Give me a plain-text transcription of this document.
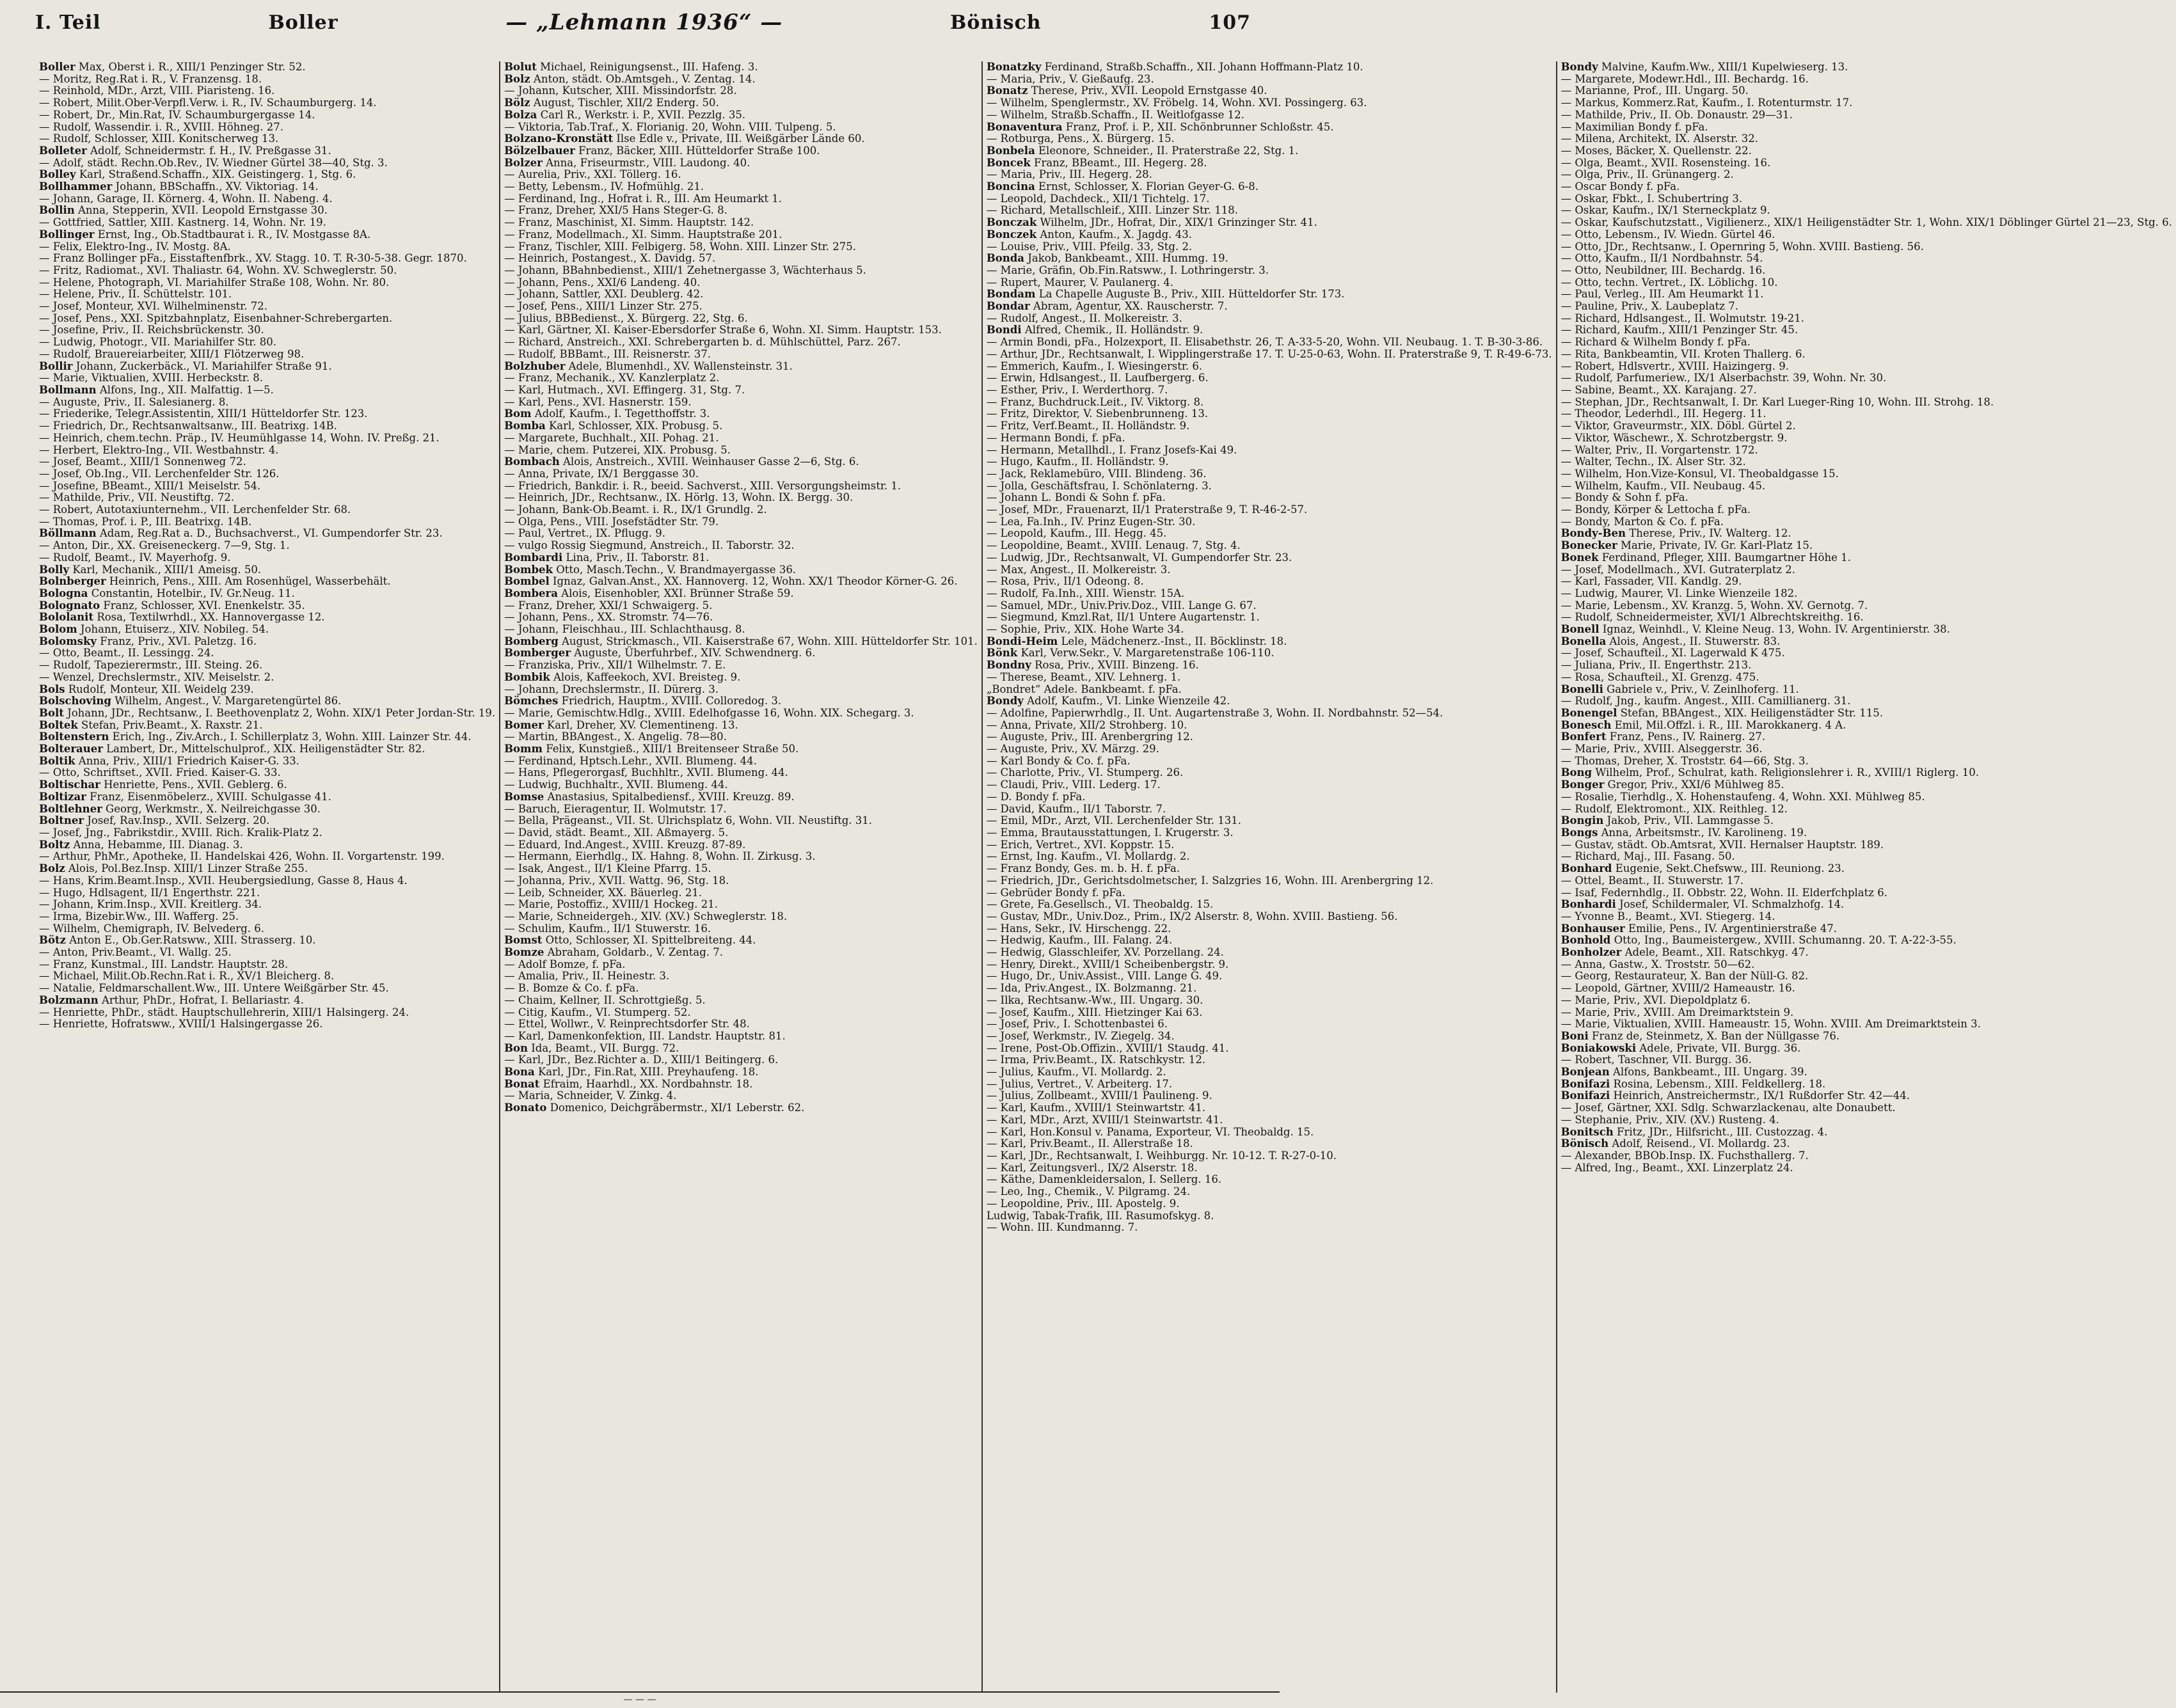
I. Teil	Boller	— „Lehmann 1936“ —	Bönisch	107

Boller Max, Oberst i. R., XIII/1 Penzinger Str. 52.

— Moritz, Reg.Rat i. R., V. Franzensg. 18.

— Reinhold, MDr., Arzt, VIII. Piaristeng. 16.

— Robert, Milit.Ober-Verpfl.Verw. i. R., IV. Schaumburgerg. 14.

— Robert, Dr., Min.Rat, IV. Schaumburgergasse 14.

— Rudolf, Wassendir. i. R., XVIII. Höhneg. 27.

— Rudolf, Schlosser, XIII. Konitscherweg 13.

Bolleter Adolf, Schneidermstr. f. H., IV. Preßgasse 31.

— Adolf, städt. Rechn.Ob.Rev., IV. Wiedner Gürtel 38—40, Stg. 3.

Bolley Karl, Straßend.Schaffn., XIX. Geistingerg. 1, Stg. 6.

Bollhammer Johann, BBSchaffn., XV. Viktoriag. 14.

— Johann, Garage, II. Körnerg. 4, Wohn. II. Nabeng. 4.

Bollin Anna, Stepperin, XVII. Leopold Ernstgasse 30.

— Gottfried, Sattler, XIII. Kastnerg. 14, Wohn. Nr. 19.

Bollinger Ernst, Ing., Ob.Stadtbaurat i. R., IV. Mostgasse 8A.

— Felix, Elektro-Ing., IV. Mostg. 8A.

— Franz Bollinger pFa., Eisstaftenfbrk., XV. Stagg. 10. T. R-30-5-38. Gegr. 1870.

— Fritz, Radiomat., XVI. Thaliastr. 64, Wohn. XV. Schweglerstr. 50.

— Helene, Photograph, VI. Mariahilfer Straße 108, Wohn. Nr. 80.

— Helene, Priv., II. Schüttelstr. 101.

— Josef, Monteur, XVI. Wilhelminenstr. 72.

— Josef, Pens., XXI. Spitzbahnplatz, Eisenbahner-Schrebergarten.

— Josefine, Priv., II. Reichsbrückenstr. 30.

— Ludwig, Photogr., VII. Mariahilfer Str. 80.

— Rudolf, Brauereiarbeiter, XIII/1 Flötzerweg 98.

Bollir Johann, Zuckerbäck., VI. Mariahilfer Straße 91.

— Marie, Viktualien, XVIII. Herbeckstr. 8.

Bollmann Alfons, Ing., XII. Malfattig. 1—5.

— Auguste, Priv., II. Salesianerg. 8.

— Friederike, Telegr.Assistentin, XIII/1 Hütteldorfer Str. 123.

— Friedrich, Dr., Rechtsanwaltsanw., III. Beatrixg. 14B.

— Heinrich, chem.techn. Präp., IV. Heumühlgasse 14, Wohn. IV. Preßg. 21.

— Herbert, Elektro-Ing., VII. Westbahnstr. 4.

— Josef, Beamt., XIII/1 Sonnenweg 72.

— Josef, Ob.Ing., VII. Lerchenfelder Str. 126.

— Josefine, BBeamt., XIII/1 Meiselstr. 54.

— Mathilde, Priv., VII. Neustiftg. 72.

— Robert, Autotaxiunternehm., VII. Lerchenfelder Str. 68.

— Thomas, Prof. i. P., III. Beatrixg. 14B.

Böllmann Adam, Reg.Rat a. D., Buchsachverst., VI. Gumpendorfer Str. 23.

— Anton, Dir., XX. Greiseneckerg. 7—9, Stg. 1.

— Rudolf, Beamt., IV. Mayerhofg. 9.

Bolly Karl, Mechanik., XIII/1 Ameisg. 50.

Bolnberger Heinrich, Pens., XIII. Am Rosenhügel, Wasserbehält.

Bologna Constantin, Hotelbir., IV. Gr.Neug. 11.

Bolognato Franz, Schlosser, XVI. Enenkelstr. 35.

Bololanit Rosa, Textilwrhdl., XX. Hannovergasse 12.

Bolom Johann, Etuiserz., XIV. Nobileg. 54.

Bolomsky Franz, Priv., XVI. Paletzg. 16.

— Otto, Beamt., II. Lessingg. 24.

— Rudolf, Tapezierermstr., III. Steing. 26.

— Wenzel, Drechslermstr., XIV. Meiselstr. 2.

Bols Rudolf, Monteur, XII. Weidelg 239.

Bolschoving Wilhelm, Angest., V. Margaretengürtel 86.

Bolt Johann, JDr., Rechtsanw., I. Beethovenplatz 2, Wohn. XIX/1 Peter Jordan-Str. 19.

Boltek Stefan, Priv.Beamt., X. Raxstr. 21.

Boltenstern Erich, Ing., Ziv.Arch., I. Schillerplatz 3, Wohn. XIII. Lainzer Str. 44.

Bolterauer Lambert, Dr., Mittelschulprof., XIX. Heiligenstädter Str. 82.

Boltik Anna, Priv., XIII/1 Friedrich Kaiser-G. 33.

— Otto, Schriftset., XVII. Fried. Kaiser-G. 33.

Boltischar Henriette, Pens., XVII. Geblerg. 6.

Boltizar Franz, Eisenmöbelerz., XVIII. Schulgasse 41.

Boltlehner Georg, Werkmstr., X. Neilreichgasse 30.

Boltner Josef, Rav.Insp., XVII. Selzerg. 20.

— Josef, Jng., Fabrikstdir., XVIII. Rich. Kralik-Platz 2.

Boltz Anna, Hebamme, III. Dianag. 3.

— Arthur, PhMr., Apotheke, II. Handelskai 426, Wohn. II. Vorgartenstr. 199.

Bolz Alois, Pol.Bez.Insp. XIII/1 Linzer Straße 255.

— Hans, Krim.Beamt.Insp., XVII. Heubergsiedlung, Gasse 8, Haus 4.

— Hugo, Hdlsagent, II/1 Engerthstr. 221.

— Johann, Krim.Insp., XVII. Kreitlerg. 34.

— Irma, Bizebir.Ww., III. Wafferg. 25.

— Wilhelm, Chemigraph, IV. Belvederg. 6.

Bötz Anton E., Ob.Ger.Ratsww., XIII. Strasserg. 10.

— Anton, Priv.Beamt., VI. Wallg. 25.

— Franz, Kunstmal., III. Landstr. Hauptstr. 28.

— Michael, Milit.Ob.Rechn.Rat i. R., XV/1 Bleicherg. 8.

— Natalie, Feldmarschallent.Ww., III. Untere Weißgärber Str. 45.

Bolzmann Arthur, PhDr., Hofrat, I. Bellariastr. 4.

— Henriette, PhDr., städt. Hauptschullehrerin, XIII/1 Halsingerg. 24.

— Henriette, Hofratsww., XVIII/1 Halsingergasse 26.

Bolut Michael, Reinigungsenst., III. Hafeng. 3.

Bolz Anton, städt. Ob.Amtsgeh., V. Zentag. 14.

— Johann, Kutscher, XIII. Missindorfstr. 28.

Bölz August, Tischler, XII/2 Enderg. 50.

Bolza Carl R., Werkstr. i. P., XVII. Pezzlg. 35.

— Viktoria, Tab.Traf., X. Florianig. 20, Wohn. VIII. Tulpeng. 5.

Bolzano-Kronstätt Ilse Edle v., Private, III. Weißgärber Lände 60.

Bölzelbauer Franz, Bäcker, XIII. Hütteldorfer Straße 100.

Bolzer Anna, Friseurmstr., VIII. Laudong. 40.

— Aurelia, Priv., XXI. Töllerg. 16.

— Betty, Lebensm., IV. Hofmühlg. 21.

— Ferdinand, Ing., Hofrat i. R., III. Am Heumarkt 1.

— Franz, Dreher, XXI/5 Hans Steger-G. 8.

— Franz, Maschinist, XI. Simm. Hauptstr. 142.

— Franz, Modellmach., XI. Simm. Hauptstraße 201.

— Franz, Tischler, XIII. Felbigerg. 58, Wohn. XIII. Linzer Str. 275.

— Heinrich, Postangest., X. Davidg. 57.

— Johann, BBahnbedienst., XIII/1 Zehetnergasse 3, Wächterhaus 5.

— Johann, Pens., XXI/6 Landeng. 40.

— Johann, Sattler, XXI. Deublerg. 42.

— Josef, Pens., XIII/1 Linzer Str. 275.

— Julius, BBBedienst., X. Bürgerg. 22, Stg. 6.

— Karl, Gärtner, XI. Kaiser-Ebersdorfer Straße 6, Wohn. XI. Simm. Hauptstr. 153.

— Richard, Anstreich., XXI. Schrebergarten b. d. Mühlschüttel, Parz. 267.

— Rudolf, BBBamt., III. Reisnerstr. 37.

Bolzhuber Adele, Blumenhdl., XV. Wallensteinstr. 31.

— Franz, Mechanik., XV. Kanzlerplatz 2.

— Karl, Hutmach., XVI. Effingerg. 31, Stg. 7.

— Karl, Pens., XVI. Hasnerstr. 159.

Bom Adolf, Kaufm., I. Tegetthoffstr. 3.

Bomba Karl, Schlosser, XIX. Probusg. 5.

— Margarete, Buchhalt., XII. Pohag. 21.

— Marie, chem. Putzerei, XIX. Probusg. 5.

Bombach Alois, Anstreich., XVIII. Weinhauser Gasse 2—6, Stg. 6.

— Anna, Private, IX/1 Berggasse 30.

— Friedrich, Bankdir. i. R., beeid. Sachverst., XIII. Versorgungsheimstr. 1.

— Heinrich, JDr., Rechtsanw., IX. Hörlg. 13, Wohn. IX. Bergg. 30.

— Johann, Bank-Ob.Beamt. i. R., IX/1 Grundlg. 2.

— Olga, Pens., VIII. Josefstädter Str. 79.

— Paul, Vertret., IX. Pflugg. 9.

— vulgo Rossig Siegmund, Anstreich., II. Taborstr. 32.

Bombardi Lina, Priv., II. Taborstr. 81.

Bombek Otto, Masch.Techn., V. Brandmayergasse 36.

Bombel Ignaz, Galvan.Anst., XX. Hannoverg. 12, Wohn. XX/1 Theodor Körner-G. 26.

Bombera Alois, Eisenhobler, XXI. Brünner Straße 59.

— Franz, Dreher, XXI/1 Schwaigerg. 5.

— Johann, Pens., XX. Stromstr. 74—76.

— Johann, Fleischhau., III. Schlachthausg. 8.

Bomberg August, Strickmasch., VII. Kaiserstraße 67, Wohn. XIII. Hütteldorfer Str. 101.

Bomberger Auguste, Überfuhrbef., XIV. Schwendnerg. 6.

— Franziska, Priv., XII/1 Wilhelmstr. 7. E.

Bombik Alois, Kaffeekoch, XVI. Breisteg. 9.

— Johann, Drechslermstr., II. Dürerg. 3.

Bömches Friedrich, Hauptm., XVIII. Colloredog. 3.

— Marie, Gemischtw.Hdlg., XVIII. Edelhofgasse 16, Wohn. XIX. Schegarg. 3.

Bomer Karl, Dreher, XV. Clementineng. 13.

— Martin, BBAngest., X. Angelig. 78—80.

Bomm Felix, Kunstgieß., XIII/1 Breitenseer Straße 50.

— Ferdinand, Hptsch.Lehr., XVII. Blumeng. 44.

— Hans, Pflegerorgasf, Buchhltr., XVII. Blumeng. 44.

— Ludwig, Buchhaltr., XVII. Blumeng. 44.

Bomse Anastasius, Spitalbediensf., XVIII. Kreuzg. 89.

— Baruch, Eieragentur, II. Wolmutstr. 17.

— Bella, Prägeanst., VII. St. Ulrichsplatz 6, Wohn. VII. Neustiftg. 31.

— David, städt. Beamt., XII. Aßmayerg. 5.

— Eduard, Ind.Angest., XVIII. Kreuzg. 87-89.

— Hermann, Eierhdlg., IX. Hahng. 8, Wohn. II. Zirkusg. 3.

— Isak, Angest., II/1 Kleine Pfarrg. 15.

— Johanna, Priv., XVII. Wattg. 96, Stg. 18.

— Leib, Schneider, XX. Bäuerleg. 21.

— Marie, Postoffiz., XVIII/1 Hockeg. 21.

— Marie, Schneidergeh., XIV. (XV.) Schweglerstr. 18.

— Schulim, Kaufm., II/1 Stuwerstr. 16.

Bomst Otto, Schlosser, XI. Spittelbreiteng. 44.

Bomze Abraham, Goldarb., V. Zentag. 7.

— Adolf Bomze, f. pFa.

— Amalia, Priv., II. Heinestr. 3.

— B. Bomze & Co. f. pFa.

— Chaim, Kellner, II. Schrottgießg. 5.

— Citig, Kaufm., VI. Stumperg. 52.

— Ettel, Wollwr., V. Reinprechtsdorfer Str. 48.

— Karl, Damenkonfektion, III. Landstr. Hauptstr. 81.

Bon Ida, Beamt., VII. Burgg. 72.

— Karl, JDr., Bez.Richter a. D., XIII/1 Beitingerg. 6.

Bona Karl, JDr., Fin.Rat, XIII. Preyhaufeng. 18.

Bonat Efraim, Haarhdl., XX. Nordbahnstr. 18.

— Maria, Schneider, V. Zinkg. 4.

Bonato Domenico, Deichgräbermstr., XI/1 Leberstr. 62.

Bonatzky Ferdinand, Straßb.Schaffn., XII. Johann Hoffmann-Platz 10.

— Maria, Priv., V. Gießaufg. 23.

Bonatz Therese, Priv., XVII. Leopold Ernstgasse 40.

— Wilhelm, Spenglermstr., XV. Fröbelg. 14, Wohn. XVI. Possingerg. 63.

— Wilhelm, Straßb.Schaffn., II. Weitlofgasse 12.

Bonaventura Franz, Prof. i. P., XII. Schönbrunner Schloßstr. 45.

— Rotburga, Pens., X. Bürgerg. 15.

Bonbela Eleonore, Schneider., II. Praterstraße 22, Stg. 1.

Boncek Franz, BBeamt., III. Hegerg. 28.

— Maria, Priv., III. Hegerg. 28.

Boncina Ernst, Schlosser, X. Florian Geyer-G. 6-8.

— Leopold, Dachdeck., XII/1 Tichtelg. 17.

— Richard, Metallschleif., XIII. Linzer Str. 118.

Bonczak Wilhelm, JDr., Hofrat, Dir., XIX/1 Grinzinger Str. 41.

Bonczek Anton, Kaufm., X. Jagdg. 43.

— Louise, Priv., VIII. Pfeilg. 33, Stg. 2.

Bonda Jakob, Bankbeamt., XIII. Hummg. 19.

— Marie, Gräfin, Ob.Fin.Ratsww., I. Lothringerstr. 3.

— Rupert, Maurer, V. Paulanerg. 4.

Bondam La Chapelle Auguste B., Priv., XIII. Hütteldorfer Str. 173.

Bondar Abram, Agentur, XX. Rauscherstr. 7.

— Rudolf, Angest., II. Molkereistr. 3.

Bondi Alfred, Chemik., II. Holländstr. 9.

— Armin Bondi, pFa., Holzexport, II. Elisabethstr. 26, T. A-33-5-20, Wohn. VII. Neubaug. 1. T. B-30-3-86.

— Arthur, JDr., Rechtsanwalt, I. Wipplingerstraße 17. T. U-25-0-63, Wohn. II. Praterstraße 9, T. R-49-6-73.

— Emmerich, Kaufm., I. Wiesingerstr. 6.

— Erwin, Hdlsangest., II. Laufbergerg. 6.

— Esther, Priv., I. Werderthorg. 7.

— Franz, Buchdruck.Leit., IV. Viktorg. 8.

— Fritz, Direktor, V. Siebenbrunneng. 13.

— Fritz, Verf.Beamt., II. Holländstr. 9.

— Hermann Bondi, f. pFa.

— Hermann, Metallhdl., I. Franz Josefs-Kai 49.

— Hugo, Kaufm., II. Holländstr. 9.

— Jack, Reklamebüro, VIII. Blindeng. 36.

— Jolla, Geschäftsfrau, I. Schönlaterng. 3.

— Johann L. Bondi & Sohn f. pFa.

— Josef, MDr., Frauenarzt, II/1 Praterstraße 9, T. R-46-2-57.

— Lea, Fa.Inh., IV. Prinz Eugen-Str. 30.

— Leopold, Kaufm., III. Hegg. 45.

— Leopoldine, Beamt., XVIII. Lenaug. 7, Stg. 4.

— Ludwig, JDr., Rechtsanwalt, VI. Gumpendorfer Str. 23.

— Max, Angest., II. Molkereistr. 3.

— Rosa, Priv., II/1 Odeong. 8.

— Rudolf, Fa.Inh., XIII. Wienstr. 15A.

— Samuel, MDr., Univ.Priv.Doz., VIII. Lange G. 67.

— Siegmund, Kmzl.Rat, II/1 Untere Augartenstr. 1.

— Sophie, Priv., XIX. Hohe Warte 34.

Bondi-Heim Lele, Mädchenerz.-Inst., II. Böcklinstr. 18.

Bönk Karl, Verw.Sekr., V. Margaretenstraße 106-110.

Bondny Rosa, Priv., XVIII. Binzeng. 16.

— Therese, Beamt., XIV. Lehnerg. 1.

„Bondret“ Adele. Bankbeamt. f. pFa.

Bondy Adolf, Kaufm., VI. Linke Wienzeile 42.

— Adolfine, Papierwrhdlg., II. Unt. Augartenstraße 3, Wohn. II. Nordbahnstr. 52—54.

— Anna, Private, XII/2 Strohberg. 10.

— Auguste, Priv., III. Arenbergring 12.

— Auguste, Priv., XV. Märzg. 29.

— Karl Bondy & Co. f. pFa.

— Charlotte, Priv., VI. Stumperg. 26.

— Claudi, Priv., VIII. Lederg. 17.

— D. Bondy f. pFa.

— David, Kaufm., II/1 Taborstr. 7.

— Emil, MDr., Arzt, VII. Lerchenfelder Str. 131.

— Emma, Brautausstattungen, I. Krugerstr. 3.

— Erich, Vertret., XVI. Koppstr. 15.

— Ernst, Ing. Kaufm., VI. Mollardg. 2.

— Franz Bondy, Ges. m. b. H. f. pFa.

— Friedrich, JDr., Gerichtsdolmetscher, I. Salzgries 16, Wohn. III. Arenbergring 12.

— Gebrüder Bondy f. pFa.

— Grete, Fa.Gesellsch., VI. Theobaldg. 15.

— Gustav, MDr., Univ.Doz., Prim., IX/2 Alserstr. 8, Wohn. XVIII. Bastieng. 56.

— Hans, Sekr., IV. Hirschengg. 22.

— Hedwig, Kaufm., III. Falang. 24.

— Hedwig, Glasschleifer, XV. Porzellang. 24.

— Henry, Direkt., XVIII/1 Scheibenbergstr. 9.

— Hugo, Dr., Univ.Assist., VIII. Lange G. 49.

— Ida, Priv.Angest., IX. Bolzmanng. 21.

— Ilka, Rechtsanw.-Ww., III. Ungarg. 30.

— Josef, Kaufm., XIII. Hietzinger Kai 63.

— Josef, Priv., I. Schottenbastei 6.

— Josef, Werkmstr., IV. Ziegelg. 34.

— Irene, Post-Ob.Offizin., XVIII/1 Staudg. 41.

— Irma, Priv.Beamt., IX. Ratschkystr. 12.

— Julius, Kaufm., VI. Mollardg. 2.

— Julius, Vertret., V. Arbeiterg. 17.

— Julius, Zollbeamt., XVIII/1 Paulineng. 9.

— Karl, Kaufm., XVIII/1 Steinwartstr. 41.

— Karl, MDr., Arzt, XVIII/1 Steinwartstr. 41.

— Karl, Hon.Konsul v. Panama, Exporteur, VI. Theobaldg. 15.

— Karl, Priv.Beamt., II. Allerstraße 18.

— Karl, JDr., Rechtsanwalt, I. Weihburgg. Nr. 10-12. T. R-27-0-10.

— Karl, Zeitungsverl., IX/2 Alserstr. 18.

— Käthe, Damenkleidersalon, I. Sellerg. 16.

— Leo, Ing., Chemik., V. Pilgramg. 24.

— Leopoldine, Priv., III. Apostelg. 9.

Ludwig, Tabak-Trafik, III. Rasumofskyg. 8.

— Wohn. III. Kundmanng. 7.

Bondy Malvine, Kaufm.Ww., XIII/1 Kupelwieserg. 13.

— Margarete, Modewr.Hdl., III. Bechardg. 16.

— Marianne, Prof., III. Ungarg. 50.

— Markus, Kommerz.Rat, Kaufm., I. Rotenturmstr. 17.

— Mathilde, Priv., II. Ob. Donaustr. 29—31.

— Maximilian Bondy f. pFa.

— Milena, Architekt, IX. Alserstr. 32.

— Moses, Bäcker, X. Quellenstr. 22.

— Olga, Beamt., XVII. Rosensteing. 16.

— Olga, Priv., II. Grünangerg. 2.

— Oscar Bondy f. pFa.

— Oskar, Fbkt., I. Schubertring 3.

— Oskar, Kaufm., IX/1 Sterneckplatz 9.

— Oskar, Kaufschutzstatt., Vigilienerz., XIX/1 Heiligenstädter Str. 1, Wohn. XIX/1 Döblinger Gürtel 21—23, Stg. 6.

— Otto, Lebensm., IV. Wiedn. Gürtel 46.

— Otto, JDr., Rechtsanw., I. Opernring 5, Wohn. XVIII. Bastieng. 56.

— Otto, Kaufm., II/1 Nordbahnstr. 54.

— Otto, Neubildner, III. Bechardg. 16.

— Otto, techn. Vertret., IX. Löblichg. 10.

— Paul, Verleg., III. Am Heumarkt 11.

— Pauline, Priv., X. Laubeplatz 7.

— Richard, Hdlsangest., II. Wolmutstr. 19-21.

— Richard, Kaufm., XIII/1 Penzinger Str. 45.

— Richard & Wilhelm Bondy f. pFa.

— Rita, Bankbeamtin, VII. Kroten Thallerg. 6.

— Robert, Hdlsvertr., XVIII. Haizingerg. 9.

— Rudolf, Parfumeriew., IX/1 Alserbachstr. 39, Wohn. Nr. 30.

— Sabine, Beamt., XX. Karajang. 27.

— Stephan, JDr., Rechtsanwalt, I. Dr. Karl Lueger-Ring 10, Wohn. III. Strohg. 18.

— Theodor, Lederhdl., III. Hegerg. 11.

— Viktor, Graveurmstr., XIX. Döbl. Gürtel 2.

— Viktor, Wäschewr., X. Schrotzbergstr. 9.

— Walter, Priv., II. Vorgartenstr. 172.

— Walter, Techn., IX. Alser Str. 32.

— Wilhelm, Hon.Vize-Konsul, VI. Theobaldgasse 15.

— Wilhelm, Kaufm., VII. Neubaug. 45.

— Bondy & Sohn f. pFa.

— Bondy, Körper & Lettocha f. pFa.

— Bondy, Marton & Co. f. pFa.

Bondy-Ben Therese, Priv., IV. Walterg. 12.

Bonecker Marie, Private, IV. Gr. Karl-Platz 15.

Bonek Ferdinand, Pfleger, XIII. Baumgartner Höhe 1.

— Josef, Modellmach., XVI. Gutraterplatz 2.

— Karl, Fassader, VII. Kandlg. 29.

— Ludwig, Maurer, VI. Linke Wienzeile 182.

— Marie, Lebensm., XV. Kranzg. 5, Wohn. XV. Gernotg. 7.

— Rudolf, Schneidermeister, XVI/1 Albrechtskreithg. 16.

Bonell Ignaz, Weinhdl., V. Kleine Neug. 13, Wohn. IV. Argentinierstr. 38.

Bonella Alois, Angest., II. Stuwerstr. 83.

— Josef, Schaufteil., XI. Lagerwald K 475.

— Juliana, Priv., II. Engerthstr. 213.

— Rosa, Schaufteil., XI. Grenzg. 475.

Bonelli Gabriele v., Priv., V. Zeinlhoferg. 11.

— Rudolf, Jng., kaufm. Angest., XIII. Camillianerg. 31.

Bonengel Stefan, BBAngest., XIX. Heiligenstädter Str. 115.

Bonesch Emil, Mil.Offzl. i. R., III. Marokkanerg. 4 A.

Bonfert Franz, Pens., IV. Rainerg. 27.

— Marie, Priv., XVIII. Alseggerstr. 36.

— Thomas, Dreher, X. Troststr. 64—66, Stg. 3.

Bong Wilhelm, Prof., Schulrat, kath. Religionslehrer i. R., XVIII/1 Riglerg. 10.

Bonger Gregor, Priv., XXI/6 Mühlweg 85.

— Rosalie, Tierhdlg., X. Hohenstaufeng. 4, Wohn. XXI. Mühlweg 85.

— Rudolf, Elektromont., XIX. Reithleg. 12.

Bongin Jakob, Priv., VII. Lammgasse 5.

Bongs Anna, Arbeitsmstr., IV. Karolineng. 19.

— Gustav, städt. Ob.Amtsrat, XVII. Hernalser Hauptstr. 189.

— Richard, Maj., III. Fasang. 50.

Bonhard Eugenie, Sekt.Chefsww., III. Reuniong. 23.

— Ottel, Beamt., II. Stuwerstr. 17.

— Isaf, Federnhdlg., II. Obbstr. 22, Wohn. II. Elderfchplatz 6.

Bonhardi Josef, Schildermaler, VI. Schmalzhofg. 14.

— Yvonne B., Beamt., XVI. Stiegerg. 14.

Bonhauser Emilie, Pens., IV. Argentinierstraße 47.

Bonhold Otto, Ing., Baumeistergew., XVIII. Schumanng. 20. T. A-22-3-55.

Bonholzer Adele, Beamt., XII. Ratschkyg. 47.

— Anna, Gastw., X. Troststr. 50—62.

— Georg, Restaurateur, X. Ban der Nüll-G. 82.

— Leopold, Gärtner, XVIII/2 Hameaustr. 16.

— Marie, Priv., XVI. Diepoldplatz 6.

— Marie, Priv., XVIII. Am Dreimarktstein 9.

— Marie, Viktualien, XVIII. Hameaustr. 15, Wohn. XVIII. Am Dreimarktstein 3.

Boni Franz de, Steinmetz, X. Ban der Nüllgasse 76.

Boniakowski Adele, Private, VII. Burgg. 36.

— Robert, Taschner, VII. Burgg. 36.

Bonjean Alfons, Bankbeamt., III. Ungarg. 39.

Bonifazi Rosina, Lebensm., XIII. Feldkellerg. 18.

Bonifazi Heinrich, Anstreichermstr., IX/1 Rußdorfer Str. 42—44.

— Josef, Gärtner, XXI. Sdlg. Schwarzlackenau, alte Donaubett.

— Stephanie, Priv., XIV. (XV.) Rusteng. 4.

Bonitsch Fritz, JDr., Hilfsricht., III. Custozzag. 4.

Bönisch Adolf, Reisend., VI. Mollardg. 23.

— Alexander, BBOb.Insp. IX. Fuchsthallerg. 7.

— Alfred, Ing., Beamt., XXI. Linzerplatz 24.

— — —
